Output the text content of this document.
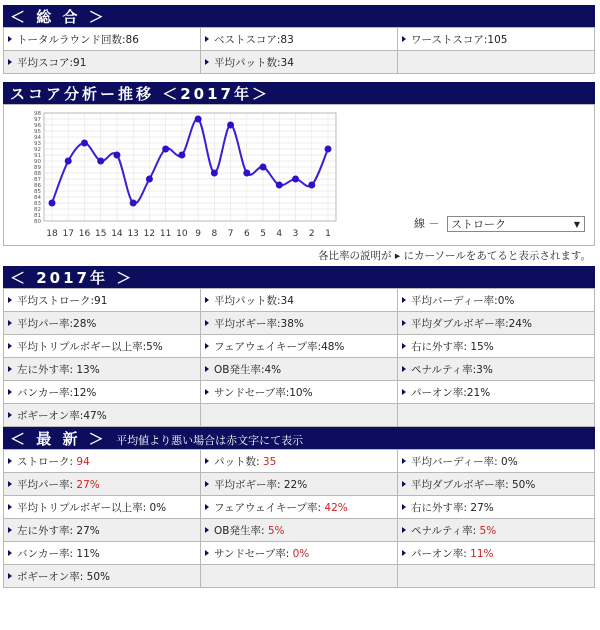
＜ 総 合 ＞
トータルラウンド回数:86	ベストスコア:83	ワーストスコア:105
平均スコア:91	平均パット数:34	
スコア分析ー推移 ＜2017年＞
98
97
96
95
94
93
92
91
90
89
88
87
86
85
84
83
82
81
80
18 17 16 15 14 13 12 11 10 9 8 7 6 5 4 3 2 1
線 － ストローク	▼
各比率の説明が ▸ にカーソールをあてると表示されます。
＜ 2017年 ＞
平均ストローク:91	平均パット数:34	平均バーディー率:0%
平均パー率:28%	平均ボギー率:38%	平均ダブルボギー率:24%
平均トリプルボギー以上率:5%	フェアウェイキープ率:48%	右に外す率: 15%
左に外す率: 13%	OB発生率:4%	ペナルティ率:3%
バンカー率:12%	サンドセーブ率:10%	パーオン率:21%
ボギーオン率:47%		
＜ 最 新 ＞ 平均値より悪い場合は赤文字にて表示
ストローク: 94	パット数: 35	平均バーディー率: 0%
平均パー率: 27%	平均ボギー率: 22%	平均ダブルボギー率: 50%
平均トリプルボギー以上率: 0%	フェアウェイキープ率: 42%	右に外す率: 27%
左に外す率: 27%	OB発生率: 5%	ペナルティ率: 5%
バンカー率: 11%	サンドセーブ率: 0%	パーオン率: 11%
ボギーオン率: 50%		
